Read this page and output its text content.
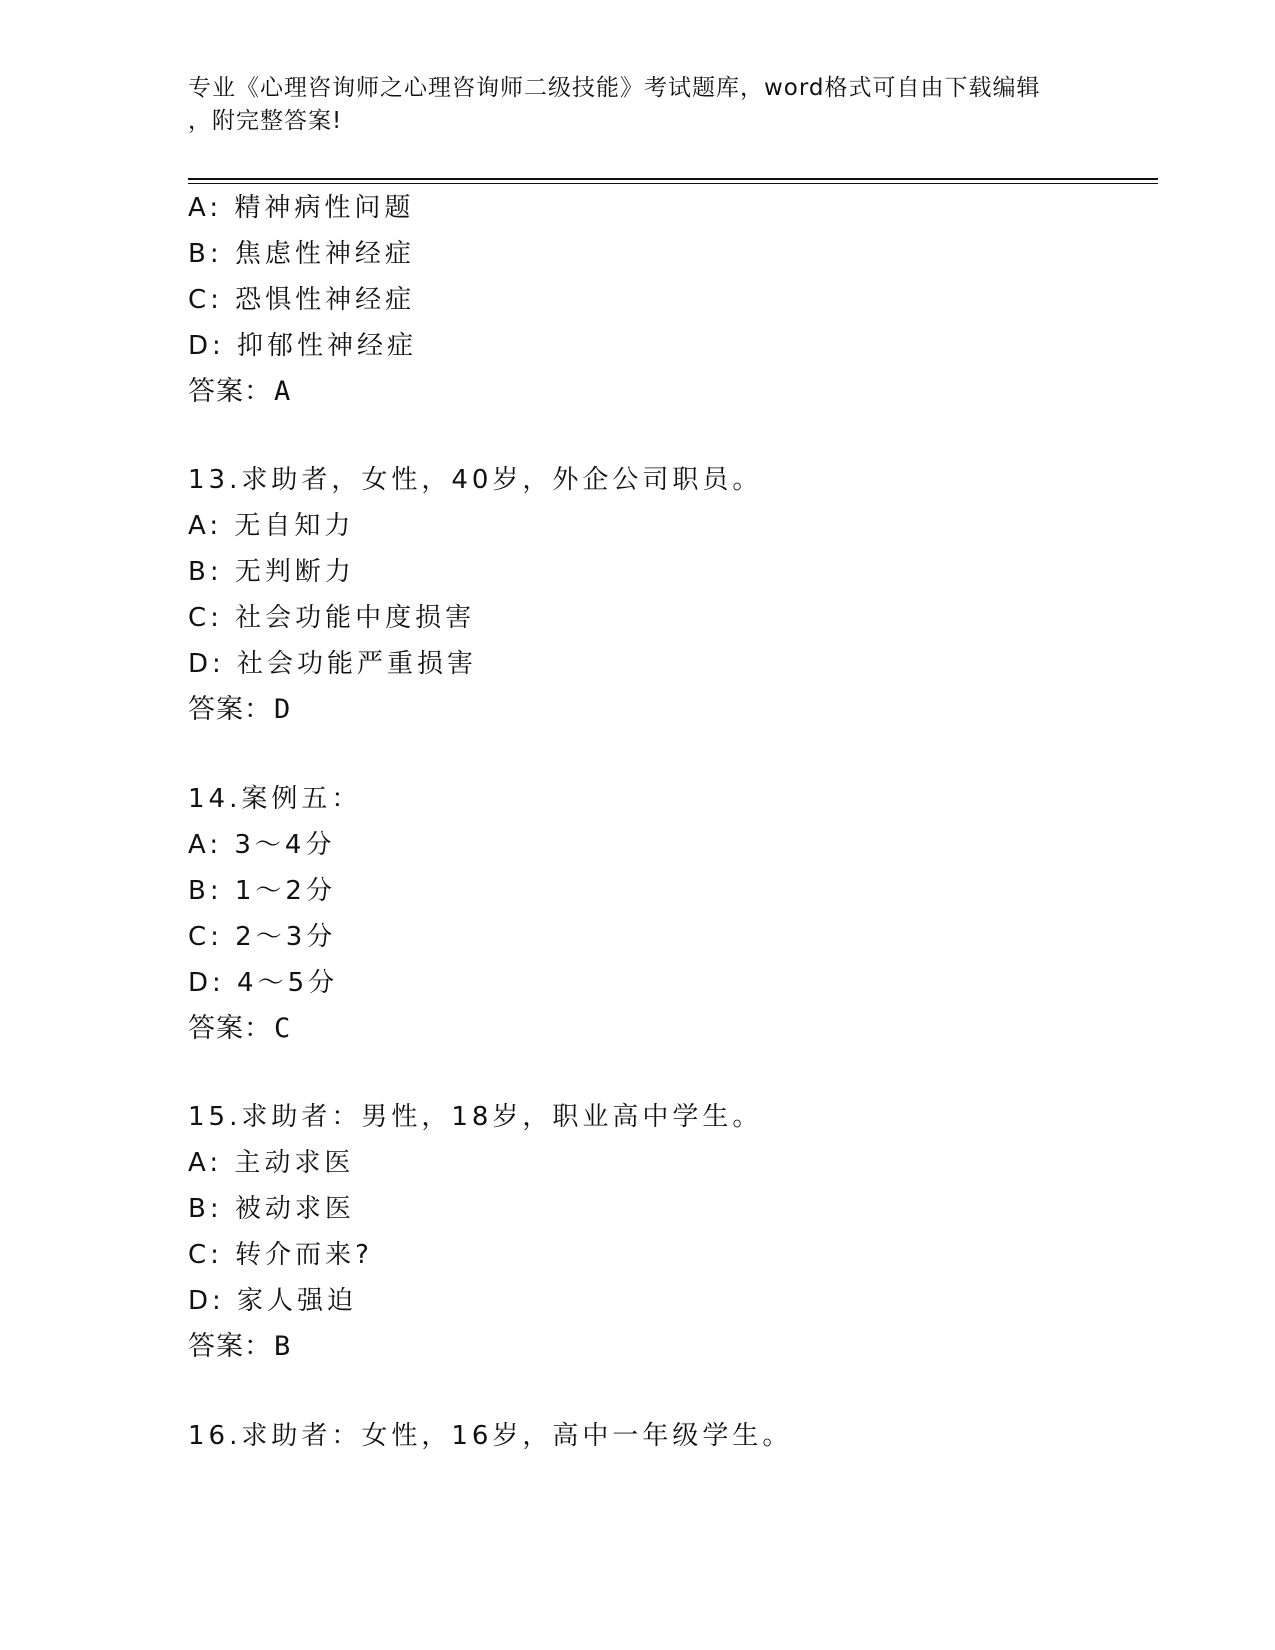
专业《心理咨询师之心理咨询师二级技能》考试题库，word格式可自由下载编辑
，附完整答案!
A: 精神病性问题
B: 焦虑性神经症
C: 恐惧性神经症
D: 抑郁性神经症
答案：A
13.求助者，女性，40岁，外企公司职员。
A: 无自知力
B: 无判断力
C: 社会功能中度损害
D: 社会功能严重损害
答案：D
14.案例五：
A: 3～4分
B: 1～2分
C: 2～3分
D: 4～5分
答案：C
15.求助者：男性，18岁，职业高中学生。
A: 主动求医
B: 被动求医
C: 转介而来?
D: 家人强迫
答案：B
16.求助者：女性，16岁，高中一年级学生。
